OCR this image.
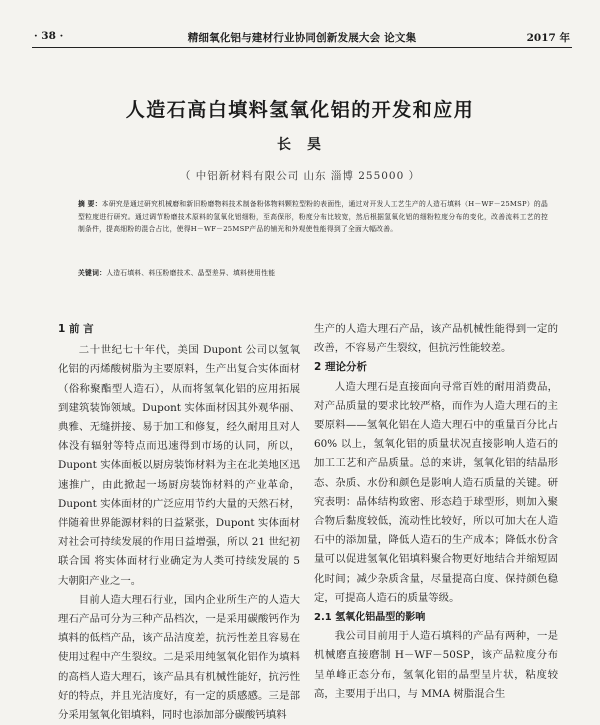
· 38 ·	精细氧化铝与建材行业协同创新发展大会 论文集	2017 年
人造石高白填料氢氧化铝的开发和应用
长昊
（ 中铝新材料有限公司 山东 淄博 255000 ）
摘 要：本研究是通过研究机械磨和新旧粉磨物料技术制备粉体物料颗粒型粉的表面性，通过对开发人工艺生产的人造石填料（H－WF－25MSP）的晶型粒度进行研究。通过调节粉磨技术原料的氢氧化铝细粉，至高保形，粉度分布比较宽，然后根据氢氧化铝的细粉粒度分布的变化，改善流料工艺的控制条件，提高细粉的混合占比，使得H－WF－25MSP产品的铺光和外观使性能得到了全面大幅改善。
关键词：人造石填料、料压粉磨技术、晶型差异、填料使用性能
1 前 言

二十世纪七十年代，美国 Dupont 公司以氢氧化铝的丙烯酸树脂为主要原料，生产出复合实体面材（俗称聚酯型人造石），从而将氢氧化铝的应用拓展到建筑装饰领域。Dupont 实体面材因其外观华丽、典雅、无缝拼接、易于加工和修复，经久耐用且对人体没有辐射等特点而迅速得到市场的认同，所以，Dupont 实体面板以厨房装饰材料为主在北美地区迅速推广，由此掀起一场厨房装饰材料的产业革命，Dupont 实体面材的广泛应用节约大量的天然石材，伴随着世界能源材料的日益紧张，Dupont 实体面材对社会可持续发展的作用日益增强，所以 21 世纪初联合国 将实体面材行业确定为人类可持续发展的 5 大朝阳产业之一。

目前人造大理石行业，国内企业所生产的人造大理石产品可分为三种产品档次，一是采用碳酸钙作为填料的低档产品，该产品洁度差，抗污性差且容易在使用过程中产生裂纹。二是采用纯氢氧化铝作为填料的高档人造大理石，该产品具有机械性能好，抗污性好的特点，并且光洁度好，有一定的质感感。三是部分采用氢氧化铝填料，同时也添加部分碳酸钙填料

生产的人造大理石产品，该产品机械性能得到一定的改善，不容易产生裂纹，但抗污性能较差。

2 理论分析

人造大理石是直接面向寻常百姓的耐用消费品，对产品质量的要求比较严格，而作为人造大理石的主要原料——氢氧化铝在人造大理石中的重量百分比占 60% 以上，氢氧化铝的质量状况直接影响人造石的加工工艺和产品质量。总的来讲，氢氧化铝的结晶形态、杂质、水份和颜色是影响人造石质量的关键。研究表明：晶体结构致密、形态趋于球型形，则加入聚合物后黏度较低，流动性比较好，所以可加大在人造石中的添加量，降低人造石的生产成本；降低水份含量可以促进氢氧化铝填料聚合物更好地结合并缩短固化时间；减少杂质含量，尽量提高白度、保持颜色稳定，可提高人造石的质量等级。

2.1 氢氧化铝晶型的影响

我公司目前用于人造石填料的产品有两种，一是机械磨直接磨制 H－WF－50SP，该产品粒度分布呈单峰正态分布，氢氧化铝的晶型呈片状，粘度较高，主要用于出口，与 MMA 树脂混合生
